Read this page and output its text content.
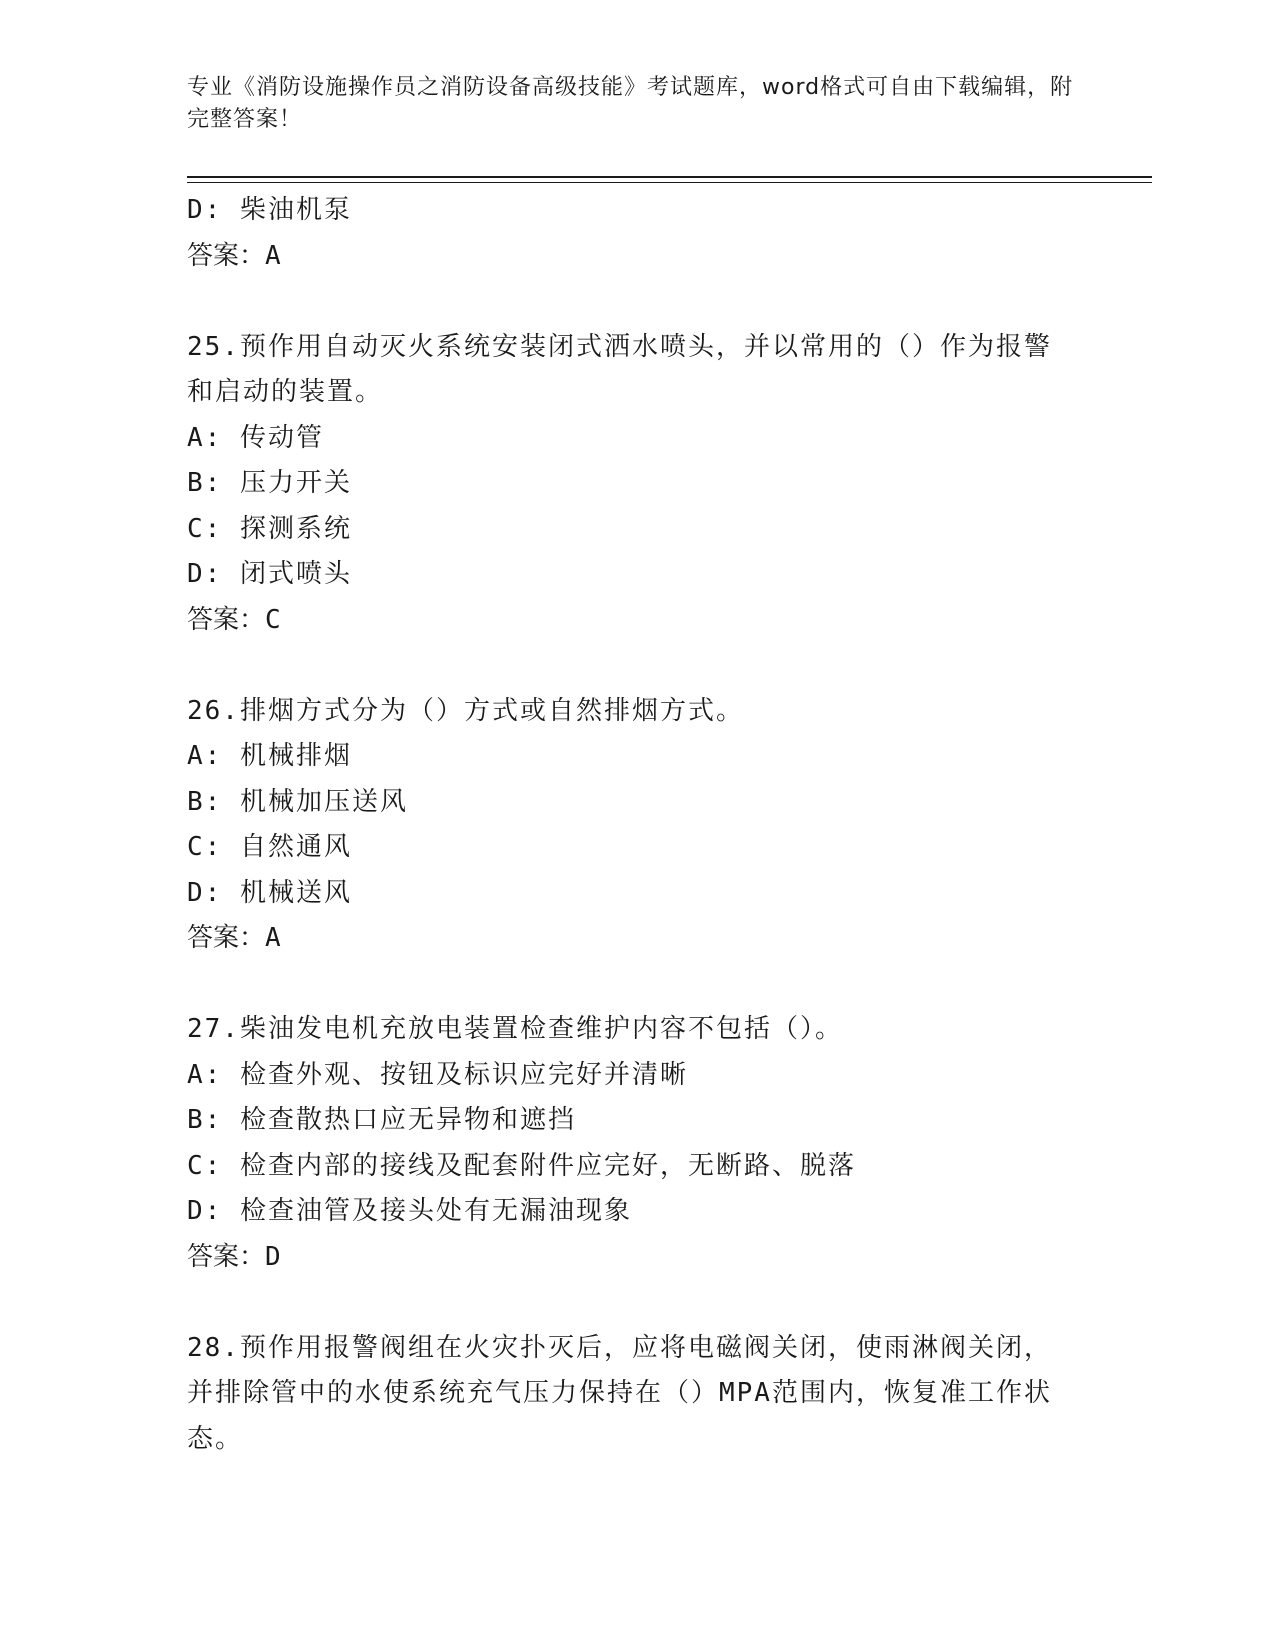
专业《消防设施操作员之消防设备高级技能》考试题库，word格式可自由下载编辑，附完整答案！
D: 柴油机泵
答案：A
25.预作用自动灭火系统安装闭式洒水喷头，并以常用的（）作为报警和启动的装置。
A: 传动管
B: 压力开关
C: 探测系统
D: 闭式喷头
答案：C
26.排烟方式分为（）方式或自然排烟方式。
A: 机械排烟
B: 机械加压送风
C: 自然通风
D: 机械送风
答案：A
27.柴油发电机充放电装置检查维护内容不包括（）。
A: 检查外观、按钮及标识应完好并清晰
B: 检查散热口应无异物和遮挡
C: 检查内部的接线及配套附件应完好，无断路、脱落
D: 检查油管及接头处有无漏油现象
答案：D
28.预作用报警阀组在火灾扑灭后，应将电磁阀关闭，使雨淋阀关闭，并排除管中的水使系统充气压力保持在（）MPA范围内，恢复准工作状态。
